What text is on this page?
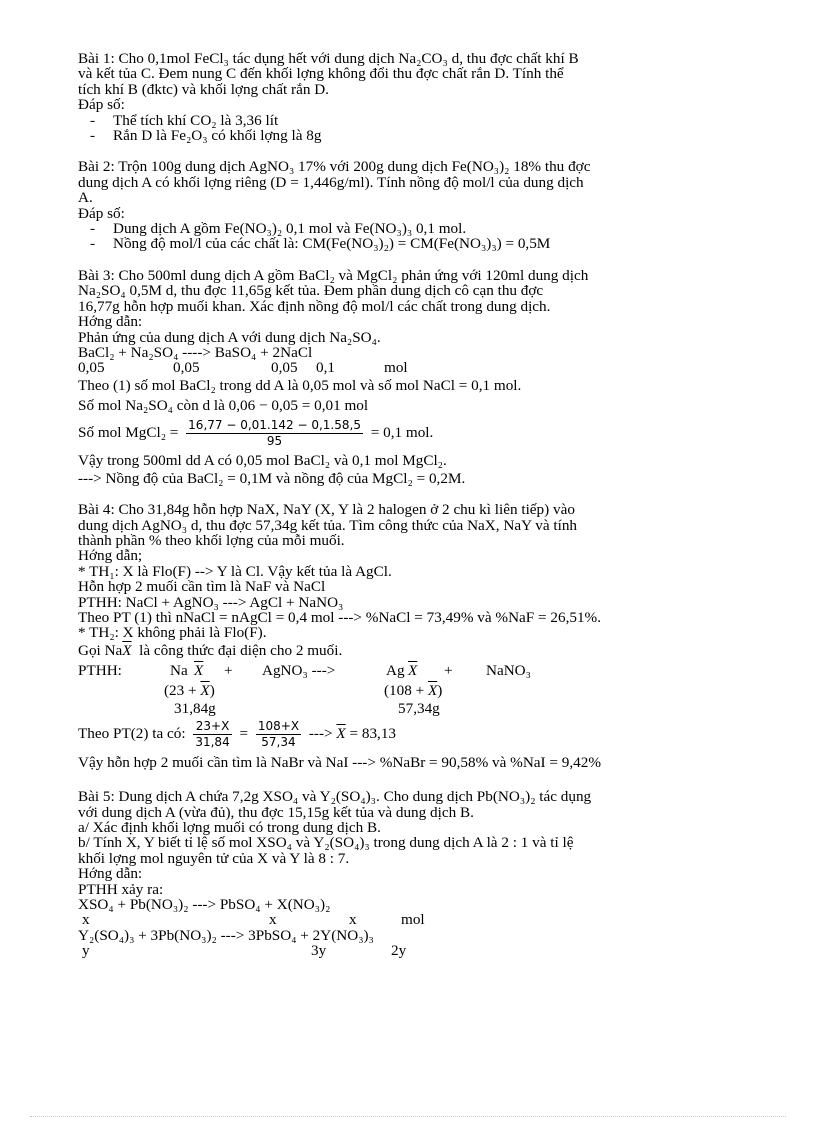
Bài 1: Cho 0,1mol FeCl₃ tác dụng hết với dung dịch Na₂CO₃ d, thu đợc chất khí B
và kết tủa C. Đem nung C đến khối lợng không đổi thu đợc chất rắn D. Tính thể
tích khí B (đktc) và khối lợng chất rắn D.
Đáp số:
- Thể tích khí CO₂ là 3,36 lít
- Rắn D là Fe₂O₃ có khối lợng là 8g
Bài 2: Trộn 100g dung dịch AgNO₃ 17% với 200g dung dịch Fe(NO₃)₂ 18% thu đợc
dung dịch A có khối lợng riêng (D = 1,446g/ml). Tính nồng độ mol/l của dung dịch
A.
Đáp số:
- Dung dịch A gồm Fe(NO₃)₂ 0,1 mol và Fe(NO₃)₃ 0,1 mol.
- Nồng độ mol/l của các chất là: CM(Fe(NO₃)₂) = CM(Fe(NO₃)₃) = 0,5M
Bài 3: Cho 500ml dung dịch A gồm BaCl₂ và MgCl₂ phản ứng với 120ml dung dịch
Na₂SO₄ 0,5M d, thu đợc 11,65g kết tủa. Đem phần dung dịch cô cạn thu đợc
16,77g hỗn hợp muối khan. Xác định nồng độ mol/l các chất trong dung dịch.
Hớng dẫn:
Phản ứng của dung dịch A với dung dịch Na₂SO₄.
BaCl₂ + Na₂SO₄ ----> BaSO₄ + 2NaCl
0,05	0,05	0,05 0,1	mol
Theo (1) số mol BaCl₂ trong dd A là 0,05 mol và số mol NaCl = 0,1 mol.
Số mol Na₂SO₄ còn d là 0,06 − 0,05 = 0,01 mol
Số mol MgCl₂ = $\frac{16,77 - 0,01.142 - 0,1.58,5}{95} = 0,1$ mol.
Vậy trong 500ml dd A có 0,05 mol BaCl₂ và 0,1 mol MgCl₂.
---> Nồng độ của BaCl₂ = 0,1M và nồng độ của MgCl₂ = 0,2M.
Bài 4: Cho 31,84g hỗn hợp NaX, NaY (X, Y là 2 halogen ở 2 chu kì liên tiếp) vào
dung dịch AgNO₃ d, thu đợc 57,34g kết tủa. Tìm công thức của NaX, NaY và tính
thành phần % theo khối lợng của mỗi muối.
Hớng dẫn;
* TH₁: X là Flo(F) --> Y là Cl. Vậy kết tủa là AgCl.
Hỗn hợp 2 muối cần tìm là NaF và NaCl
PTHH: NaCl + AgNO₃ ---> AgCl + NaNO₃
Theo PT (1) thì nNaCl = nAgCl = 0,4 mol ---> %NaCl = 73,49% và %NaF = 26,51%.
* TH₂: X không phải là Flo(F).
Gọi $Na\overline{X}$ là công thức đại diện cho 2 muối.
PTHH:	Na $\overline{X}$ + AgNO₃ --->	Ag $\overline{X}$ + NaNO₃
$(23 + \overline{X})$	$(108 + \overline{X})$
31,84g	57,34g
Theo PT(2) ta có: $\frac{23+X}{31,84} = \frac{108+X}{57,34}$ ---> $\overline{X} = 83,13$
Vậy hỗn hợp 2 muối cần tìm là NaBr và NaI ---> %NaBr = 90,58% và %NaI = 9,42%
Bài 5: Dung dịch A chứa 7,2g XSO₄ và Y₂(SO₄)₃. Cho dung dịch Pb(NO₃)₂ tác dụng
với dung dịch A (vừa đủ), thu đợc 15,15g kết tủa và dung dịch B.
a/ Xác định khối lợng muối có trong dung dịch B.
b/ Tính X, Y biết tỉ lệ số mol XSO₄ và Y₂(SO₄)₃ trong dung dịch A là 2 : 1 và tỉ lệ
khối lợng mol nguyên tử của X và Y là 8 : 7.
Hớng dẫn:
PTHH xảy ra:
XSO₄ + Pb(NO₃)₂ ---> PbSO₄ + X(NO₃)₂
x	x	x	mol
Y₂(SO₄)₃ + 3Pb(NO₃)₂ ---> 3PbSO₄ + 2Y(NO₃)₃
y	3y	2y
